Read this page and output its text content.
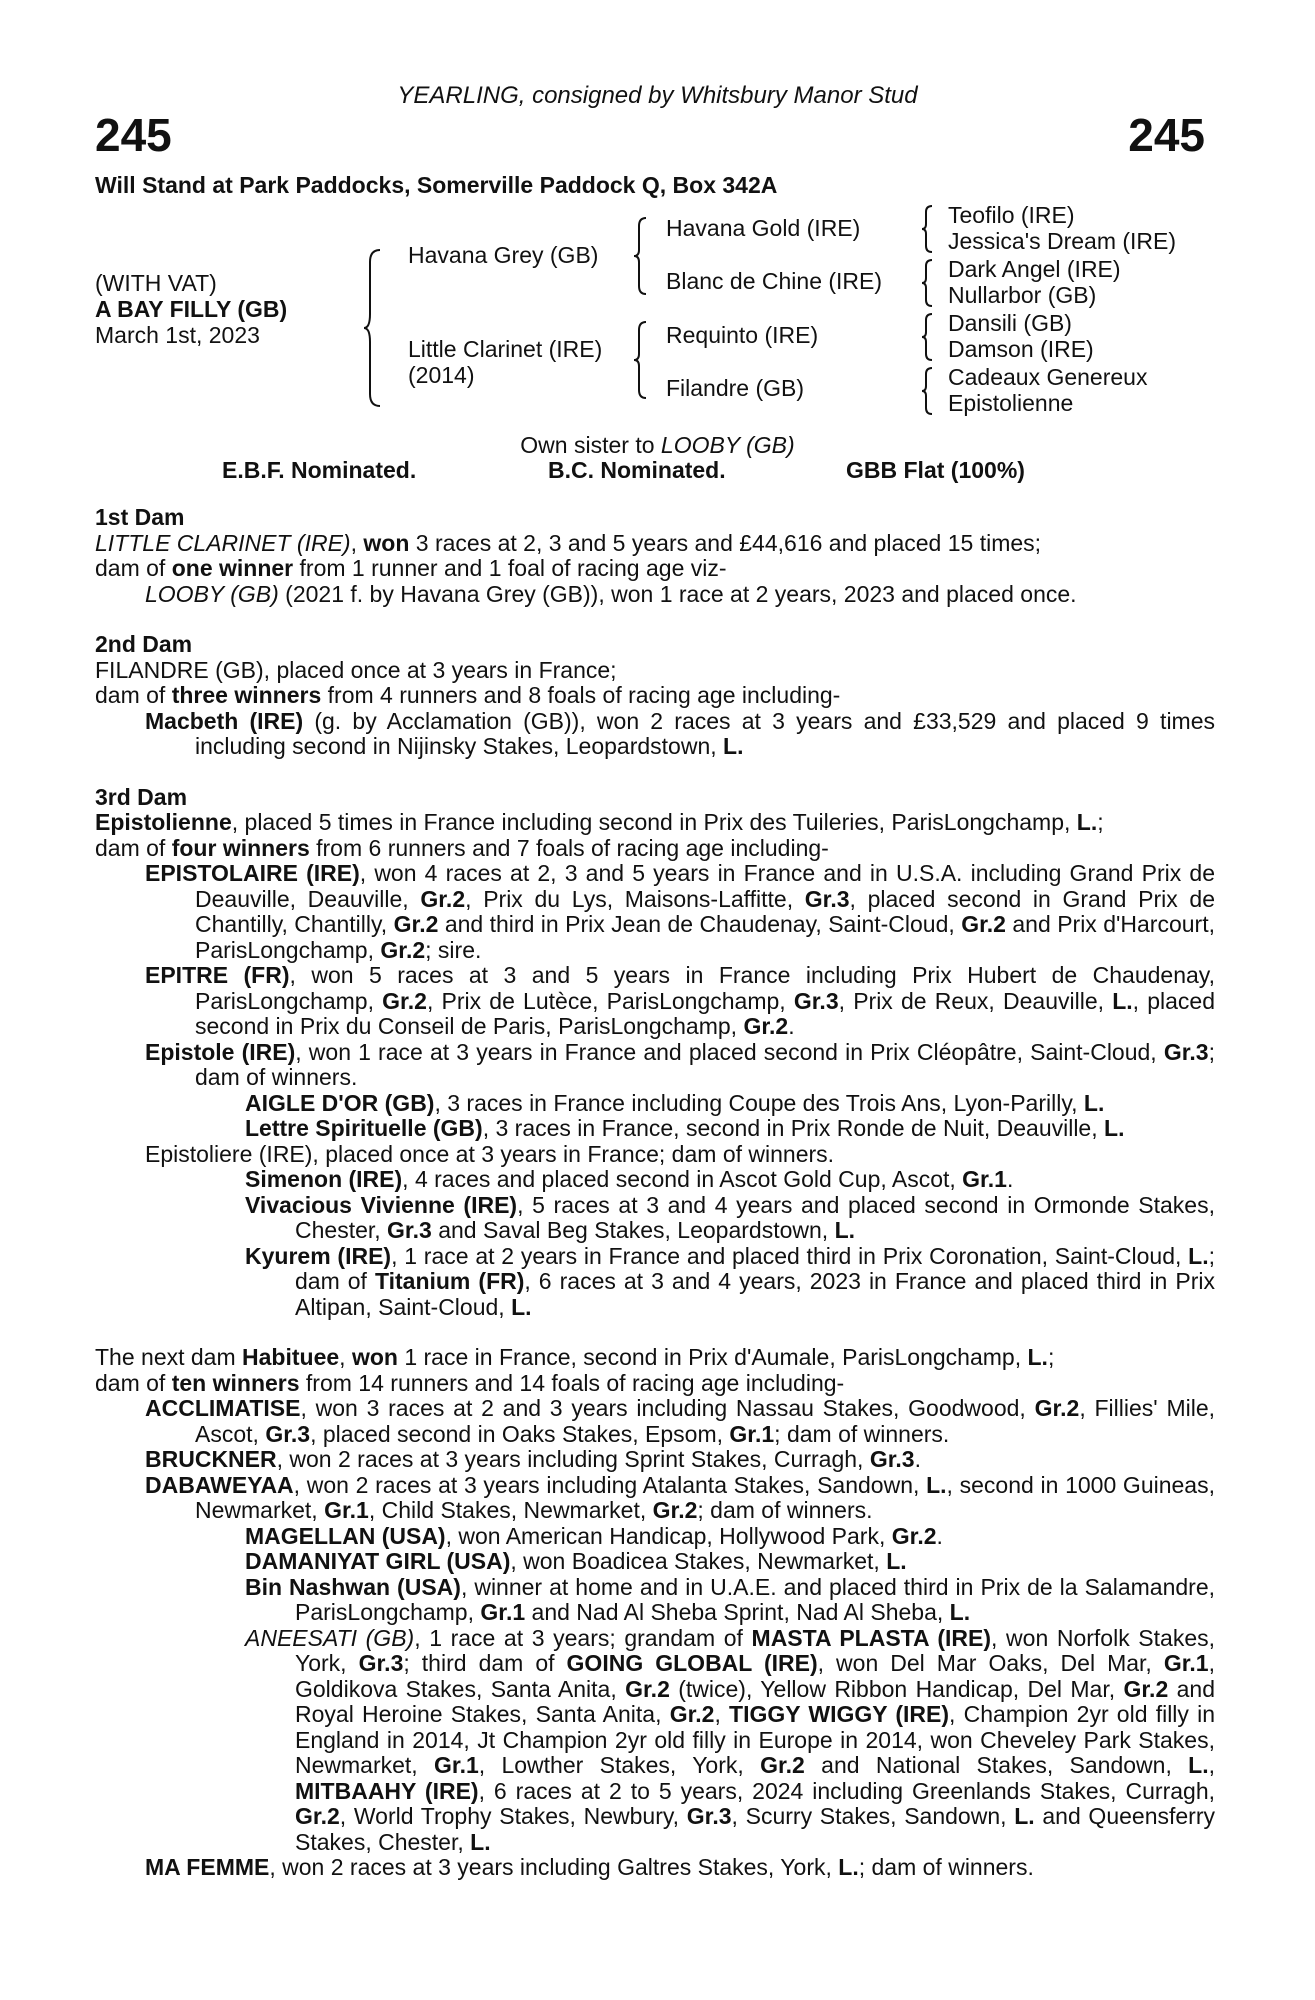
YEARLING, consigned by Whitsbury Manor Stud
245	245
Will Stand at Park Paddocks, Somerville Paddock Q, Box 342A
(WITH VAT)
A BAY FILLY (GB)
March 1st, 2023
Havana Grey (GB)
Little Clarinet (IRE)
(2014)
Havana Gold (IRE)
Blanc de Chine (IRE)
Requinto (IRE)
Filandre (GB)
Teofilo (IRE)
Jessica's Dream (IRE)
Dark Angel (IRE)
Nullarbor (GB)
Dansili (GB)
Damson (IRE)
Cadeaux Genereux
Epistolienne
Own sister to LOOBY (GB)
E.B.F. Nominated.	B.C. Nominated.	GBB Flat (100%)

1st Dam

LITTLE CLARINET (IRE), won 3 races at 2, 3 and 5 years and £44,616 and placed 15 times;

dam of one winner from 1 runner and 1 foal of racing age viz-

LOOBY (GB) (2021 f. by Havana Grey (GB)), won 1 race at 2 years, 2023 and placed once.

2nd Dam

FILANDRE (GB), placed once at 3 years in France;

dam of three winners from 4 runners and 8 foals of racing age including-

Macbeth (IRE) (g. by Acclamation (GB)), won 2 races at 3 years and £33,529 and placed 9 times including second in Nijinsky Stakes, Leopardstown, L.

3rd Dam

Epistolienne, placed 5 times in France including second in Prix des Tuileries, ParisLongchamp, L.;

dam of four winners from 6 runners and 7 foals of racing age including-

EPISTOLAIRE (IRE), won 4 races at 2, 3 and 5 years in France and in U.S.A. including Grand Prix de Deauville, Deauville, Gr.2, Prix du Lys, Maisons-Laffitte, Gr.3, placed second in Grand Prix de Chantilly, Chantilly, Gr.2 and third in Prix Jean de Chaudenay, Saint-Cloud, Gr.2 and Prix d'Harcourt, ParisLongchamp, Gr.2; sire.

EPITRE (FR), won 5 races at 3 and 5 years in France including Prix Hubert de Chaudenay, ParisLongchamp, Gr.2, Prix de Lutèce, ParisLongchamp, Gr.3, Prix de Reux, Deauville, L., placed second in Prix du Conseil de Paris, ParisLongchamp, Gr.2.

Epistole (IRE), won 1 race at 3 years in France and placed second in Prix Cléopâtre, Saint-Cloud, Gr.3; dam of winners.

AIGLE D'OR (GB), 3 races in France including Coupe des Trois Ans, Lyon-Parilly, L.

Lettre Spirituelle (GB), 3 races in France, second in Prix Ronde de Nuit, Deauville, L.

Epistoliere (IRE), placed once at 3 years in France; dam of winners.

Simenon (IRE), 4 races and placed second in Ascot Gold Cup, Ascot, Gr.1.

Vivacious Vivienne (IRE), 5 races at 3 and 4 years and placed second in Ormonde Stakes, Chester, Gr.3 and Saval Beg Stakes, Leopardstown, L.

Kyurem (IRE), 1 race at 2 years in France and placed third in Prix Coronation, Saint-Cloud, L.; dam of Titanium (FR), 6 races at 3 and 4 years, 2023 in France and placed third in Prix Altipan, Saint-Cloud, L.

The next dam Habituee, won 1 race in France, second in Prix d'Aumale, ParisLongchamp, L.;

dam of ten winners from 14 runners and 14 foals of racing age including-

ACCLIMATISE, won 3 races at 2 and 3 years including Nassau Stakes, Goodwood, Gr.2, Fillies' Mile, Ascot, Gr.3, placed second in Oaks Stakes, Epsom, Gr.1; dam of winners.

BRUCKNER, won 2 races at 3 years including Sprint Stakes, Curragh, Gr.3.

DABAWEYAA, won 2 races at 3 years including Atalanta Stakes, Sandown, L., second in 1000 Guineas, Newmarket, Gr.1, Child Stakes, Newmarket, Gr.2; dam of winners.

MAGELLAN (USA), won American Handicap, Hollywood Park, Gr.2.

DAMANIYAT GIRL (USA), won Boadicea Stakes, Newmarket, L.

Bin Nashwan (USA), winner at home and in U.A.E. and placed third in Prix de la Salamandre, ParisLongchamp, Gr.1 and Nad Al Sheba Sprint, Nad Al Sheba, L.

ANEESATI (GB), 1 race at 3 years; grandam of MASTA PLASTA (IRE), won Norfolk Stakes, York, Gr.3; third dam of GOING GLOBAL (IRE), won Del Mar Oaks, Del Mar, Gr.1, Goldikova Stakes, Santa Anita, Gr.2 (twice), Yellow Ribbon Handicap, Del Mar, Gr.2 and Royal Heroine Stakes, Santa Anita, Gr.2, TIGGY WIGGY (IRE), Champion 2yr old filly in England in 2014, Jt Champion 2yr old filly in Europe in 2014, won Cheveley Park Stakes, Newmarket, Gr.1, Lowther Stakes, York, Gr.2 and National Stakes, Sandown, L., MITBAAHY (IRE), 6 races at 2 to 5 years, 2024 including Greenlands Stakes, Curragh, Gr.2, World Trophy Stakes, Newbury, Gr.3, Scurry Stakes, Sandown, L. and Queensferry Stakes, Chester, L.

MA FEMME, won 2 races at 3 years including Galtres Stakes, York, L.; dam of winners.
